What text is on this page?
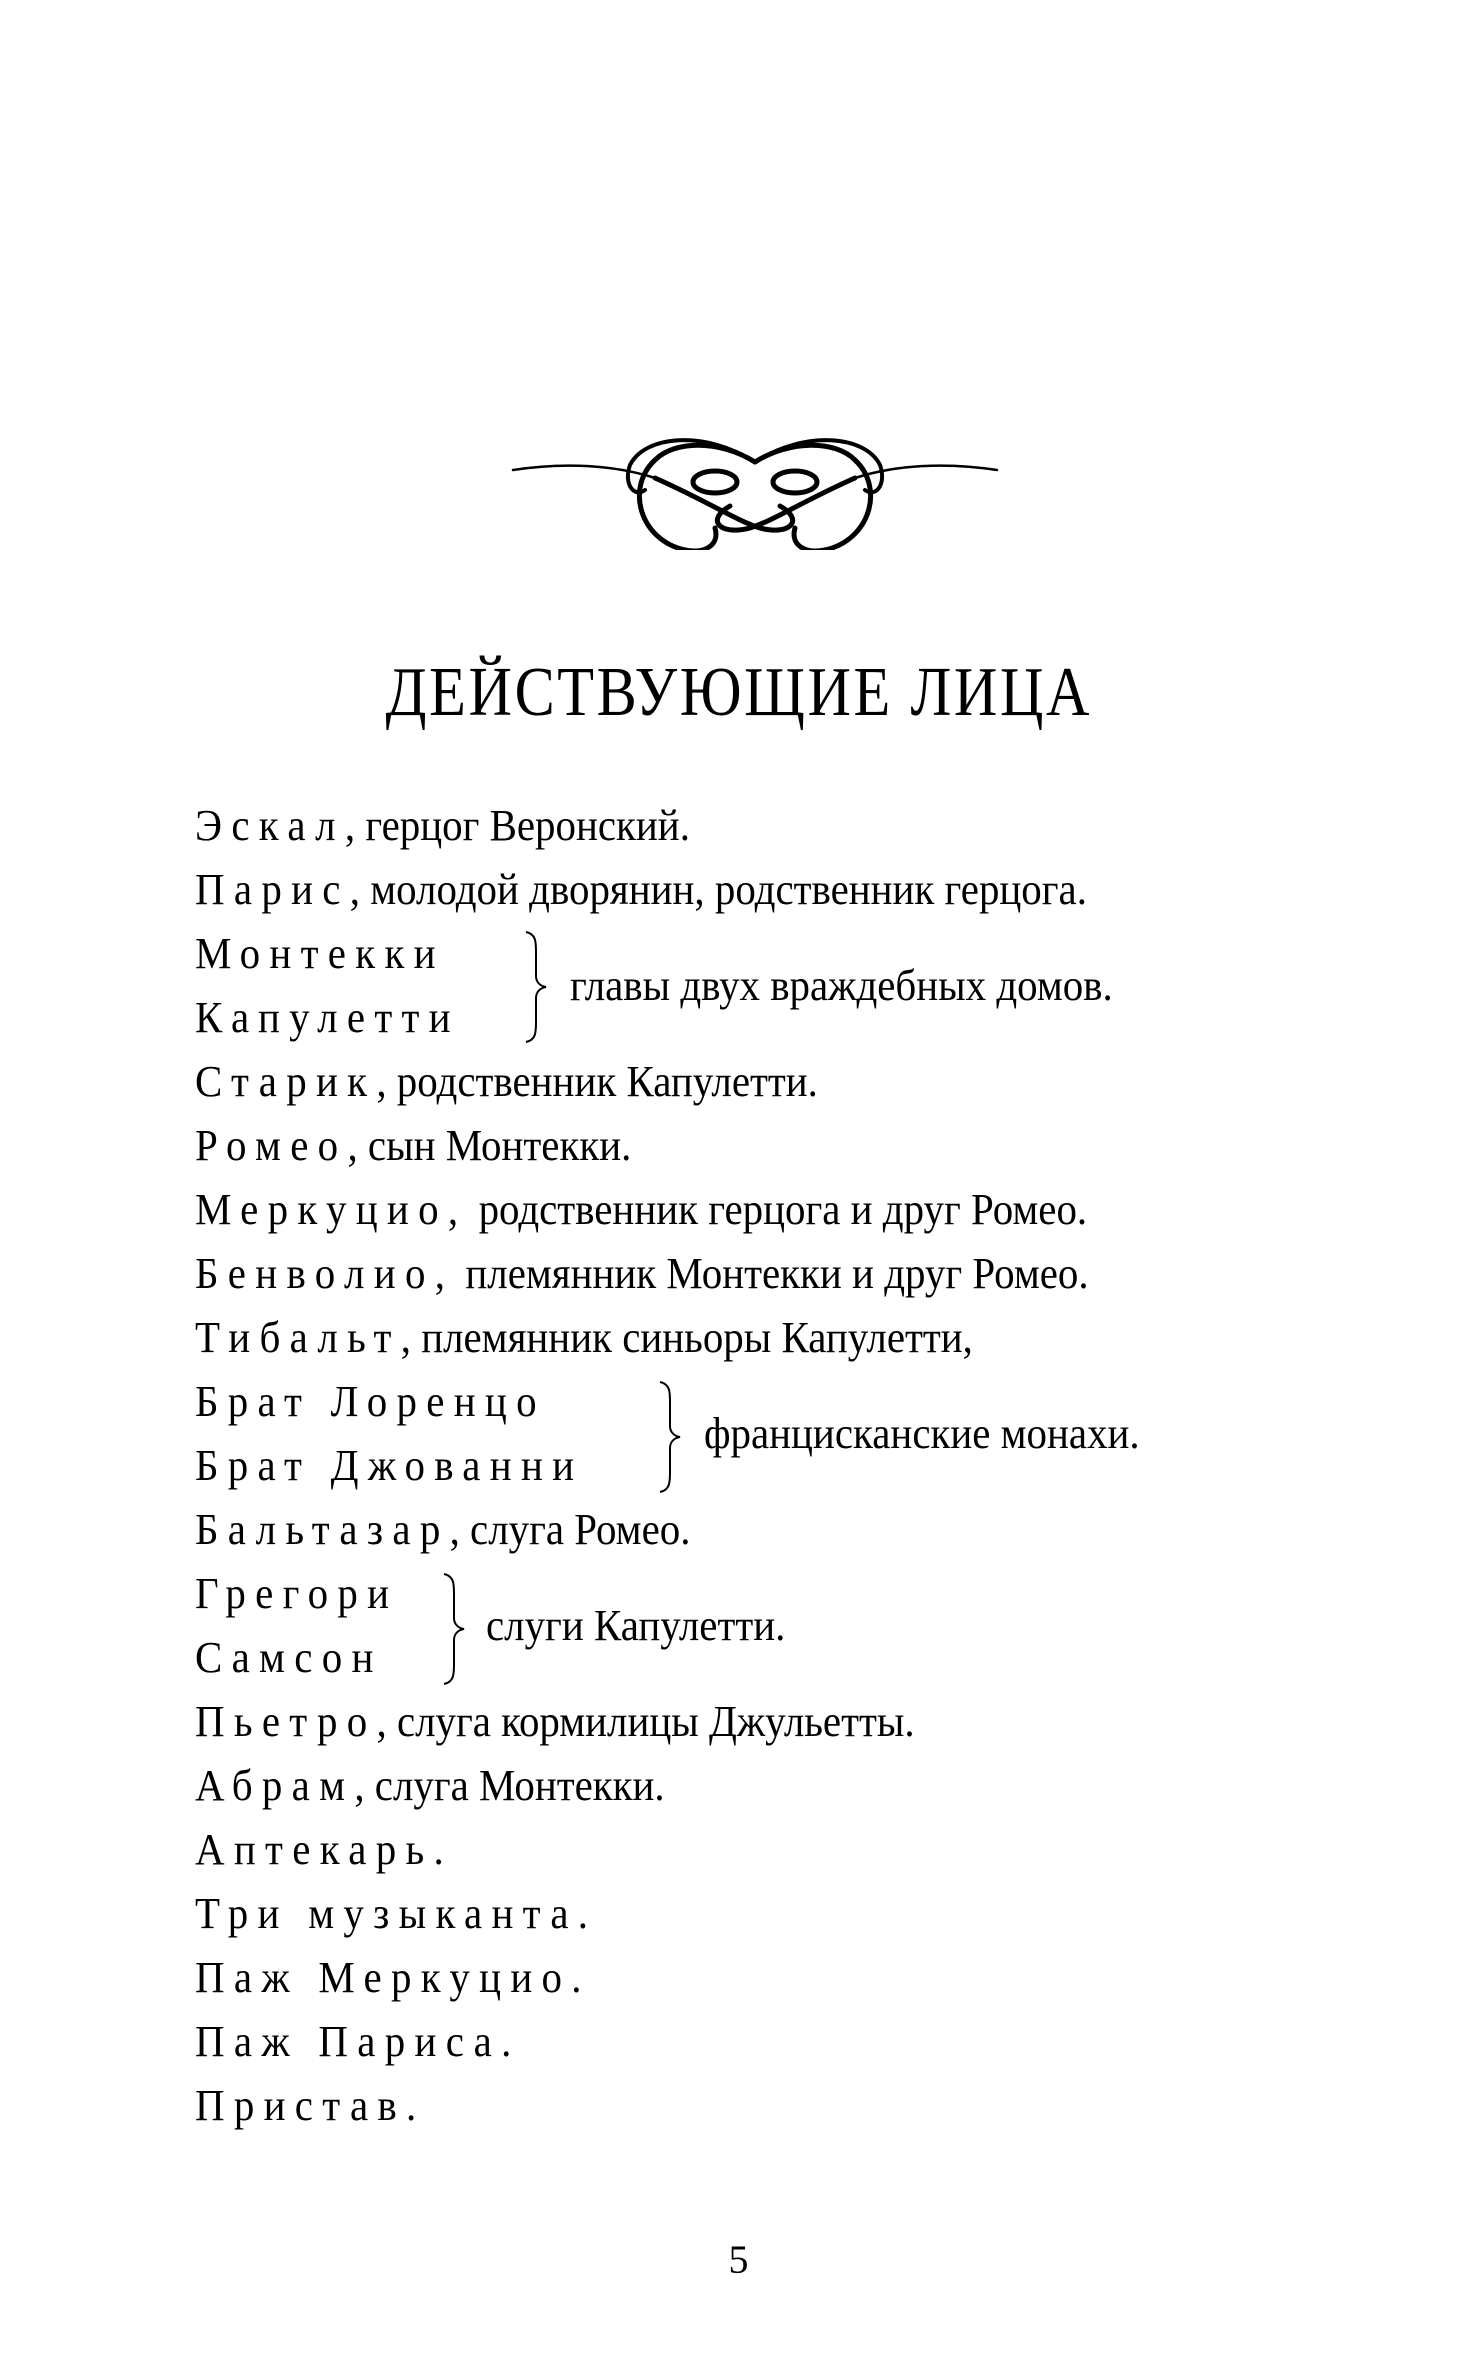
ДЕЙСТВУЮЩИЕ ЛИЦА
Эскал, герцог Веронский.
Парис, молодой дворянин, родственник герцога.
Монтекки
Капулетти
главы двух враждебных домов.
Старик, родственник Капулетти.
Ромео, сын Монтекки.
Меркуцио,  родственник герцога и друг Ромео.
Бенволио,  племянник Монтекки и друг Ромео.
Тибальт, племянник синьоры Капулетти,
Брат Лоренцо
Брат Джованни
францисканские монахи.
Бальтазар, слуга Ромео.
Грегори
Самсон
слуги Капулетти.
Пьетро, слуга кормилицы Джульетты.
Абрам, слуга Монтекки.
Аптекарь.
Три музыканта.
Паж Меркуцио.
Паж Париса.
Пристав.
5
